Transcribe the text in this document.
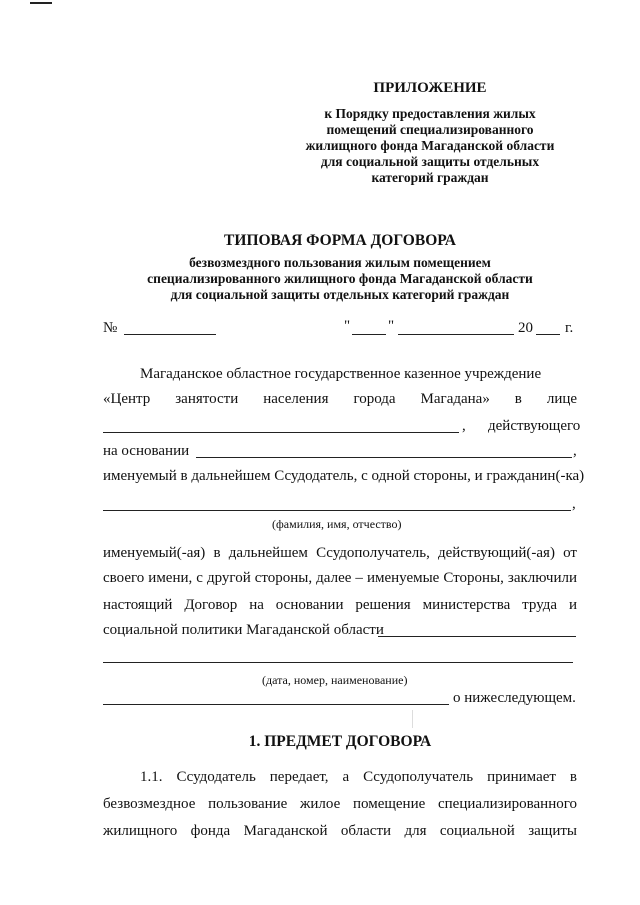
ПРИЛОЖЕНИЕ
к Порядку предоставления жилых
помещений специализированного
жилищного фонда Магаданской области
для социальной защиты отдельных
категорий граждан
ТИПОВАЯ ФОРМА ДОГОВОРА
безвозмездного пользования жилым помещением
специализированного жилищного фонда Магаданской области
для социальной защиты отдельных категорий граждан
№	"	"	20 г.
Магаданское областное государственное казенное учреждение
«Центр занятости населения города Магадана» в лице
, действующего
на основании	,
именуемый в дальнейшем Ссудодатель, с одной стороны, и гражданин(-ка)
,
(фамилия, имя, отчество)
именуемый(-ая) в дальнейшем Ссудополучатель, действующий(-ая) от
своего имени, с другой стороны, далее – именуемые Стороны, заключили
настоящий Договор на основании решения министерства труда и
социальной политики Магаданской области
(дата, номер, наименование)
о нижеследующем.
1. ПРЕДМЕТ ДОГОВОРА
1.1. Ссудодатель передает, а Ссудополучатель принимает в
безвозмездное пользование жилое помещение специализированного
жилищного фонда Магаданской области для социальной защиты
